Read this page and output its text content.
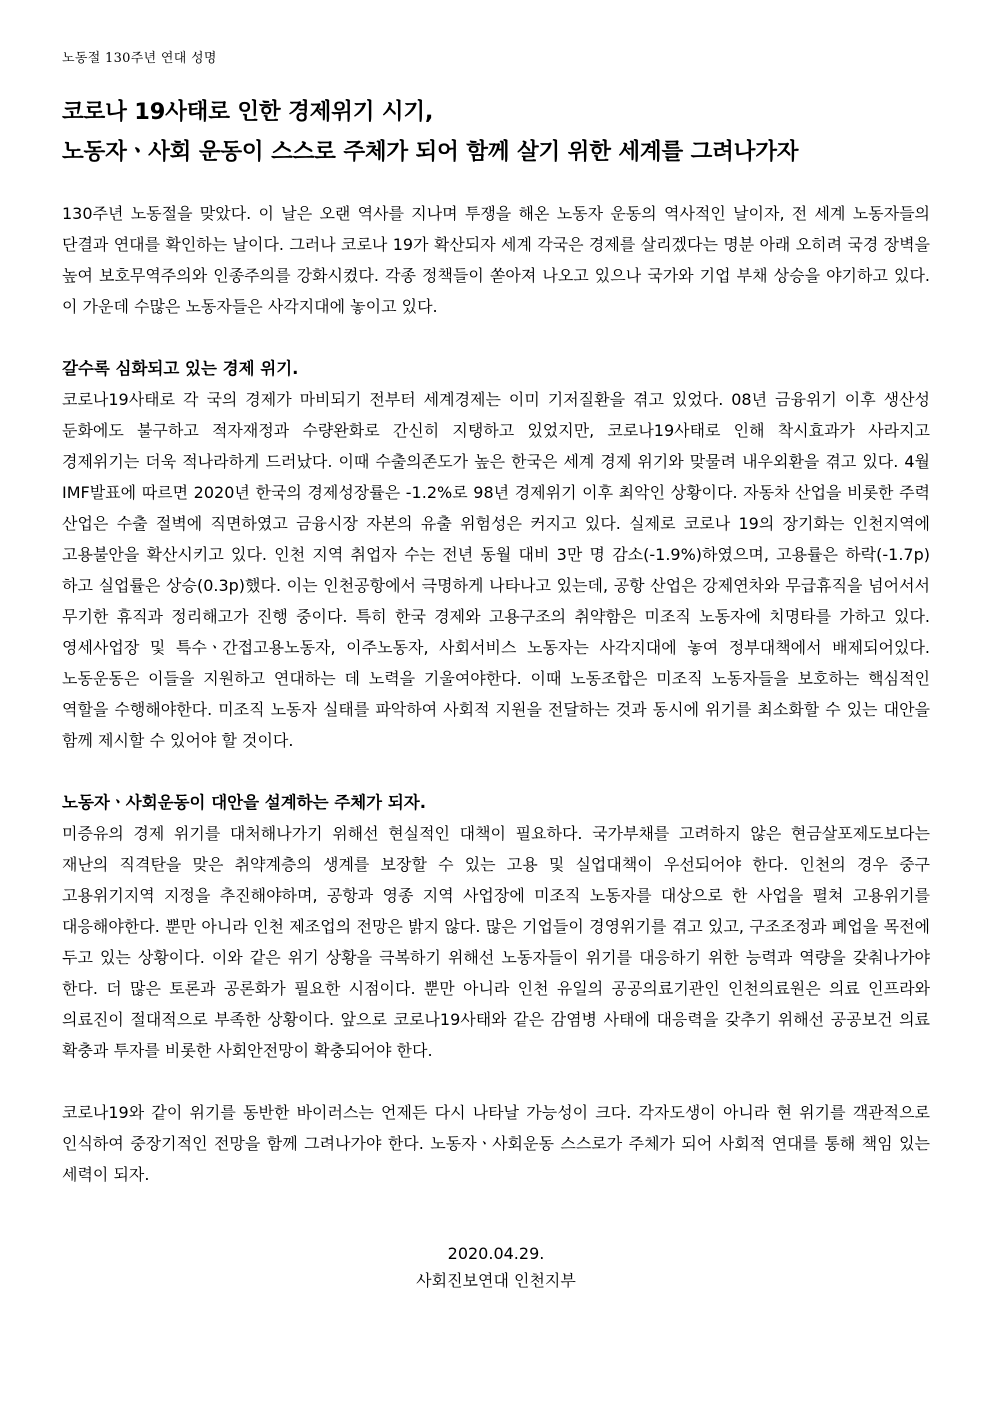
노동절 130주년 연대 성명
코로나 19사태로 인한 경제위기 시기,
노동자ㆍ사회 운동이 스스로 주체가 되어 함께 살기 위한 세계를 그려나가자

130주년 노동절을 맞았다. 이 날은 오랜 역사를 지나며 투쟁을 해온 노동자 운동의 역사적인 날이자, 전 세계 노동자들의 단결과 연대를 확인하는 날이다. 그러나 코로나 19가 확산되자 세계 각국은 경제를 살리겠다는 명분 아래 오히려 국경 장벽을 높여 보호무역주의와 인종주의를 강화시켰다. 각종 정책들이 쏟아져 나오고 있으나 국가와 기업 부채 상승을 야기하고 있다. 이 가운데 수많은 노동자들은 사각지대에 놓이고 있다.

갈수록 심화되고 있는 경제 위기.

코로나19사태로 각 국의 경제가 마비되기 전부터 세계경제는 이미 기저질환을 겪고 있었다. 08년 금융위기 이후 생산성 둔화에도 불구하고 적자재정과 수량완화로 간신히 지탱하고 있었지만, 코로나19사태로 인해 착시효과가 사라지고 경제위기는 더욱 적나라하게 드러났다. 이때 수출의존도가 높은 한국은 세계 경제 위기와 맞물려 내우외환을 겪고 있다. 4월 IMF발표에 따르면 2020년 한국의 경제성장률은 -1.2%로 98년 경제위기 이후 최악인 상황이다. 자동차 산업을 비롯한 주력 산업은 수출 절벽에 직면하였고 금융시장 자본의 유출 위험성은 커지고 있다. 실제로 코로나 19의 장기화는 인천지역에 고용불안을 확산시키고 있다. 인천 지역 취업자 수는 전년 동월 대비 3만 명 감소(-1.9%)하였으며, 고용률은 하락(-1.7p)하고 실업률은 상승(0.3p)했다. 이는 인천공항에서 극명하게 나타나고 있는데, 공항 산업은 강제연차와 무급휴직을 넘어서서 무기한 휴직과 정리해고가 진행 중이다. 특히 한국 경제와 고용구조의 취약함은 미조직 노동자에 치명타를 가하고 있다. 영세사업장 및 특수ㆍ간접고용노동자, 이주노동자, 사회서비스 노동자는 사각지대에 놓여 정부대책에서 배제되어있다. 노동운동은 이들을 지원하고 연대하는 데 노력을 기울여야한다. 이때 노동조합은 미조직 노동자들을 보호하는 핵심적인 역할을 수행해야한다. 미조직 노동자 실태를 파악하여 사회적 지원을 전달하는 것과 동시에 위기를 최소화할 수 있는 대안을 함께 제시할 수 있어야 할 것이다.

노동자ㆍ사회운동이 대안을 설계하는 주체가 되자.

미증유의 경제 위기를 대처해나가기 위해선 현실적인 대책이 필요하다. 국가부채를 고려하지 않은 현금살포제도보다는 재난의 직격탄을 맞은 취약계층의 생계를 보장할 수 있는 고용 및 실업대책이 우선되어야 한다. 인천의 경우 중구 고용위기지역 지정을 추진해야하며, 공항과 영종 지역 사업장에 미조직 노동자를 대상으로 한 사업을 펼쳐 고용위기를 대응해야한다. 뿐만 아니라 인천 제조업의 전망은 밝지 않다. 많은 기업들이 경영위기를 겪고 있고, 구조조정과 폐업을 목전에 두고 있는 상황이다. 이와 같은 위기 상황을 극복하기 위해선 노동자들이 위기를 대응하기 위한 능력과 역량을 갖춰나가야 한다. 더 많은 토론과 공론화가 필요한 시점이다. 뿐만 아니라 인천 유일의 공공의료기관인 인천의료원은 의료 인프라와 의료진이 절대적으로 부족한 상황이다. 앞으로 코로나19사태와 같은 감염병 사태에 대응력을 갖추기 위해선 공공보건 의료 확충과 투자를 비롯한 사회안전망이 확충되어야 한다.

코로나19와 같이 위기를 동반한 바이러스는 언제든 다시 나타날 가능성이 크다. 각자도생이 아니라 현 위기를 객관적으로 인식하여 중장기적인 전망을 함께 그려나가야 한다. 노동자ㆍ사회운동 스스로가 주체가 되어 사회적 연대를 통해 책임 있는 세력이 되자.

2020.04.29.
사회진보연대 인천지부
